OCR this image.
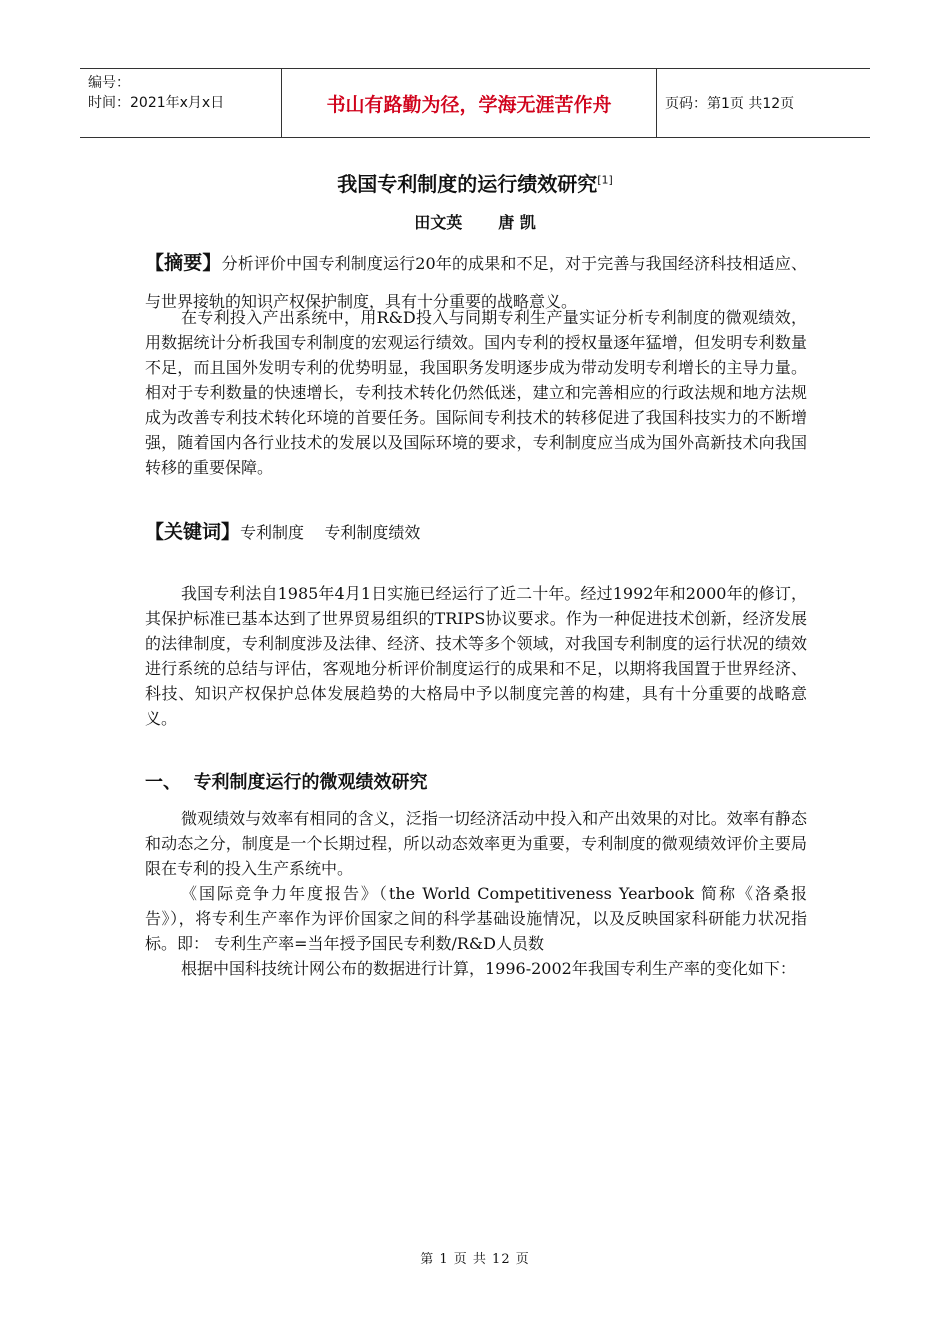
编号：
时间：2021年x月x日	书山有路勤为径，学海无涯苦作舟	页码：第1页 共12页
我国专利制度的运行绩效研究[1]
田文英 唐 凯

【摘要】分析评价中国专利制度运行20年的成果和不足，对于完善与我国经济科技相适应、与世界接轨的知识产权保护制度，具有十分重要的战略意义。

在专利投入产出系统中，用R&D投入与同期专利生产量实证分析专利制度的微观绩效，用数据统计分析我国专利制度的宏观运行绩效。国内专利的授权量逐年猛增，但发明专利数量不足，而且国外发明专利的优势明显，我国职务发明逐步成为带动发明专利增长的主导力量。相对于专利数量的快速增长，专利技术转化仍然低迷，建立和完善相应的行政法规和地方法规成为改善专利技术转化环境的首要任务。国际间专利技术的转移促进了我国科技实力的不断增强，随着国内各行业技术的发展以及国际环境的要求，专利制度应当成为国外高新技术向我国转移的重要保障。

【关键词】专利制度    专利制度绩效

我国专利法自1985年4月1日实施已经运行了近二十年。经过1992年和2000年的修订，其保护标准已基本达到了世界贸易组织的TRIPS协议要求。作为一种促进技术创新，经济发展的法律制度，专利制度涉及法律、经济、技术等多个领域，对我国专利制度的运行状况的绩效进行系统的总结与评估，客观地分析评价制度运行的成果和不足，以期将我国置于世界经济、科技、知识产权保护总体发展趋势的大格局中予以制度完善的构建，具有十分重要的战略意义。

一、  专利制度运行的微观绩效研究

微观绩效与效率有相同的含义，泛指一切经济活动中投入和产出效果的对比。效率有静态和动态之分，制度是一个长期过程，所以动态效率更为重要，专利制度的微观绩效评价主要局限在专利的投入生产系统中。

《国际竞争力年度报告》（the World Competitiveness Yearbook 简称《洛桑报告》），将专利生产率作为评价国家之间的科学基础设施情况，以及反映国家科研能力状况指标。即： 专利生产率=当年授予国民专利数/R&D人员数

根据中国科技统计网公布的数据进行计算，1996-2002年我国专利生产率的变化如下：

第 1 页 共 12 页
